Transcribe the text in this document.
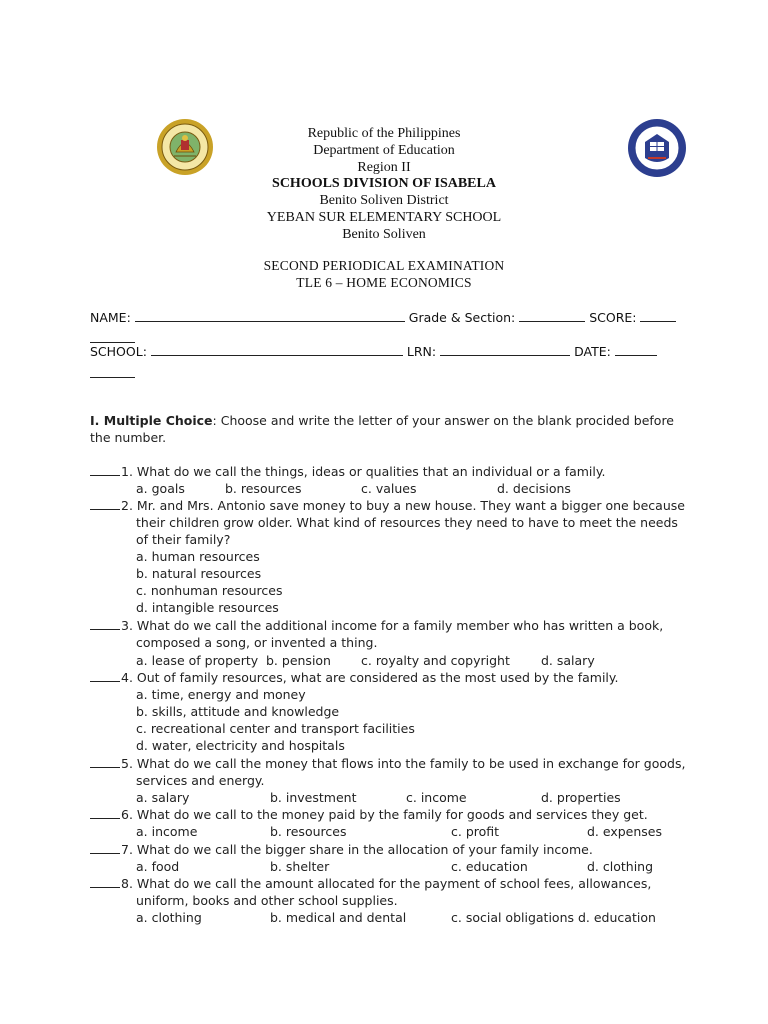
Republic of the Philippines
Department of Education
Region II
SCHOOLS DIVISION OF ISABELA
Benito Soliven District
YEBAN SUR ELEMENTARY SCHOOL
Benito Soliven
SECOND PERIODICAL EXAMINATION
TLE 6 – HOME ECONOMICS
NAME:	Grade & Section:	SCORE:
SCHOOL:	LRN:	DATE:
I. Multiple Choice: Choose and write the letter of your answer on the blank procided before
the number.
1. What do we call the things, ideas or qualities that an individual or a family.
a. goals	b. resources	c. values	d. decisions
2. Mr. and Mrs. Antonio save money to buy a new house. They want a bigger one because
their children grow older. What kind of resources they need to have to meet the needs
of their family?
a. human resources
b. natural resources
c. nonhuman resources
d. intangible resources
3. What do we call the additional income for a family member who has written a book,
composed a song, or invented a thing.
a. lease of property b. pension c. royalty and copyright d. salary
4. Out of family resources, what are considered as the most used by the family.
a. time, energy and money
b. skills, attitude and knowledge
c. recreational center and transport facilities
d. water, electricity and hospitals
5. What do we call the money that flows into the family to be used in exchange for goods,
services and energy.
a. salary	b. investment	c. income	d. properties
6. What do we call to the money paid by the family for goods and services they get.
a. income	b. resources	c. profit	d. expenses
7. What do we call the bigger share in the allocation of your family income.
a. food	b. shelter	c. education	d. clothing
8. What do we call the amount allocated for the payment of school fees, allowances,
uniform, books and other school supplies.
a. clothing	b. medical and dental	c. social obligations d. education
